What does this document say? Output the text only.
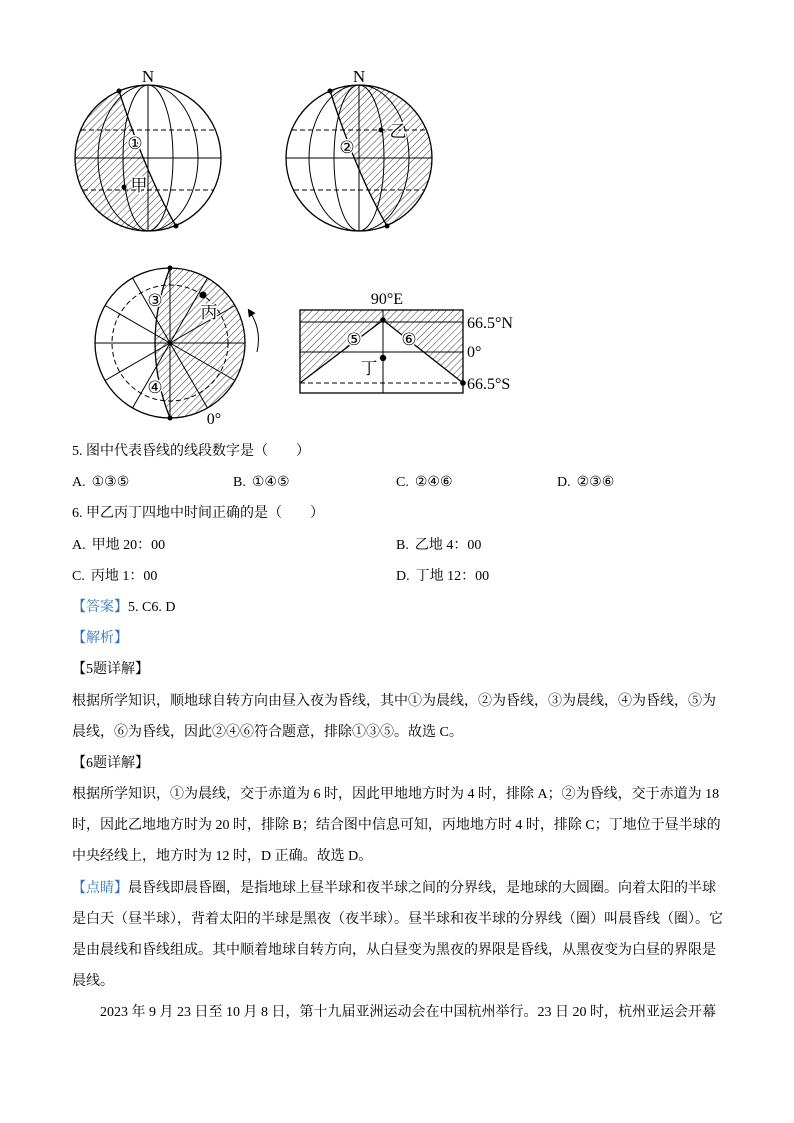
N
①
甲
N
②
乙
③
丙
④
0°
90°E
66.5°N
0°
66.5°S
⑤ ⑥
丁
5. 图中代表昏线的线段数字是（　　）
A. ①③⑤	B. ①④⑤	C. ②④⑥	D. ②③⑥
6. 甲乙丙丁四地中时间正确的是（　　）
A. 甲地 20：00	B. 乙地 4：00
C. 丙地 1：00	D. 丁地 12：00
【答案】5. C6. D
【解析】
【5题详解】
根据所学知识，顺地球自转方向由昼入夜为昏线，其中①为晨线，②为昏线，③为晨线，④为昏线，⑤为
晨线，⑥为昏线，因此②④⑥符合题意，排除①③⑤。故选 C。
【6题详解】
根据所学知识，①为晨线，交于赤道为 6 时，因此甲地地方时为 4 时，排除 A；②为昏线，交于赤道为 18
时，因此乙地地方时为 20 时，排除 B；结合图中信息可知，丙地地方时 4 时，排除 C；丁地位于昼半球的
中央经线上，地方时为 12 时，D 正确。故选 D。
【点睛】晨昏线即晨昏圈，是指地球上昼半球和夜半球之间的分界线，是地球的大圆圈。向着太阳的半球
是白天（昼半球），背着太阳的半球是黑夜（夜半球）。昼半球和夜半球的分界线（圈）叫晨昏线（圈）。它
是由晨线和昏线组成。其中顺着地球自转方向，从白昼变为黑夜的界限是昏线，从黑夜变为白昼的界限是
晨线。
2023 年 9 月 23 日至 10 月 8 日，第十九届亚洲运动会在中国杭州举行。23 日 20 时，杭州亚运会开幕
